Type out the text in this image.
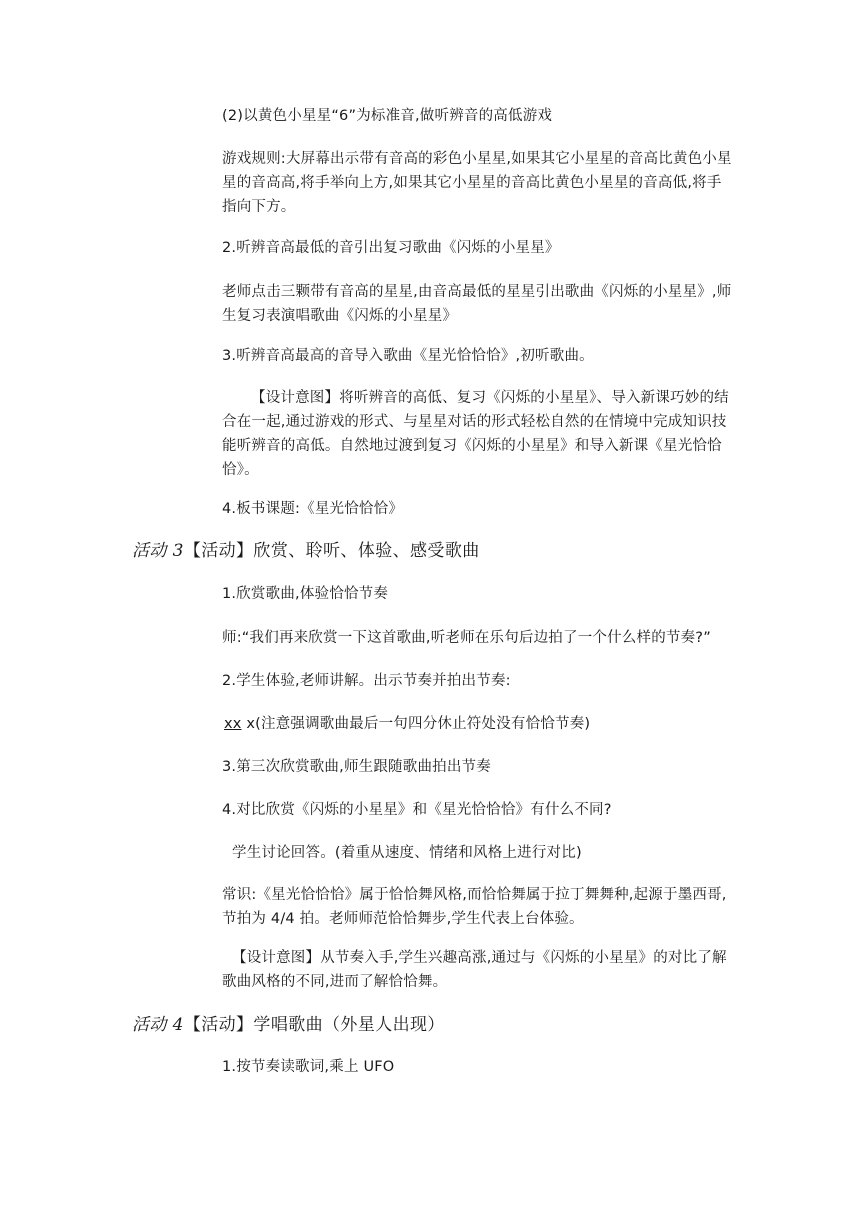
(2)以黄色小星星“6”为标准音,做听辨音的高低游戏

游戏规则:大屏幕出示带有音高的彩色小星星,如果其它小星星的音高比黄色小星星的音高高,将手举向上方,如果其它小星星的音高比黄色小星星的音高低,将手指向下方。

2.听辨音高最低的音引出复习歌曲《闪烁的小星星》

老师点击三颗带有音高的星星,由音高最低的星星引出歌曲《闪烁的小星星》,师生复习表演唱歌曲《闪烁的小星星》

3.听辨音高最高的音导入歌曲《星光恰恰恰》,初听歌曲。

【设计意图】将听辨音的高低、复习《闪烁的小星星》、导入新课巧妙的结合在一起,通过游戏的形式、与星星对话的形式轻松自然的在情境中完成知识技能听辨音的高低。自然地过渡到复习《闪烁的小星星》和导入新课《星光恰恰恰》。

4.板书课题:《星光恰恰恰》

活动 3【活动】欣赏、聆听、体验、感受歌曲

1.欣赏歌曲,体验恰恰节奏

师:“我们再来欣赏一下这首歌曲,听老师在乐句后边拍了一个什么样的节奏?”

2.学生体验,老师讲解。出示节奏并拍出节奏:

xx x(注意强调歌曲最后一句四分休止符处没有恰恰节奏)

3.第三次欣赏歌曲,师生跟随歌曲拍出节奏

4.对比欣赏《闪烁的小星星》和《星光恰恰恰》有什么不同?

学生讨论回答。(着重从速度、情绪和风格上进行对比)

常识:《星光恰恰恰》属于恰恰舞风格,而恰恰舞属于拉丁舞舞种,起源于墨西哥,节拍为 4/4 拍。老师师范恰恰舞步,学生代表上台体验。

【设计意图】从节奏入手,学生兴趣高涨,通过与《闪烁的小星星》的对比了解歌曲风格的不同,进而了解恰恰舞。

活动 4【活动】学唱歌曲（外星人出现）

1.按节奏读歌词,乘上 UFO
